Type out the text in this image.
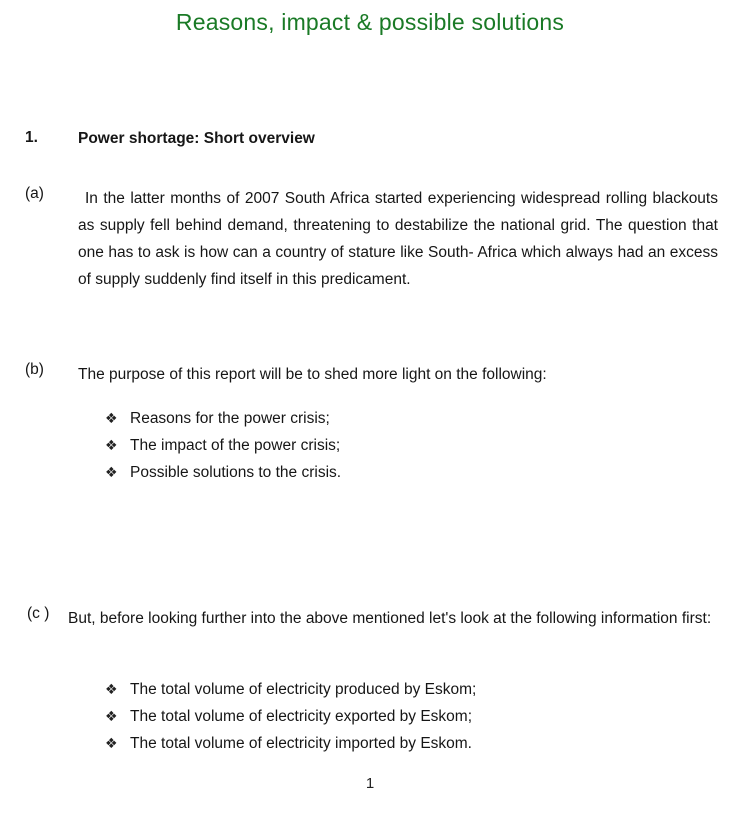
Reasons, impact & possible solutions
1.	Power shortage: Short overview
(a)	In the latter months of 2007 South Africa started experiencing widespread rolling blackouts as supply fell behind demand, threatening to destabilize the national grid. The question that one has to ask is how can a country of stature like South- Africa which always had an excess of supply suddenly find itself in this predicament.
(b)	The purpose of this report will be to shed more light on the following:
❖ Reasons for the power crisis;
❖ The impact of the power crisis;
❖ Possible solutions to the crisis.
(c )	But, before looking further into the above mentioned let's look at the following information first:
❖ The total volume of electricity produced by Eskom;
❖ The total volume of electricity exported by Eskom;
❖ The total volume of electricity imported by Eskom.
1
